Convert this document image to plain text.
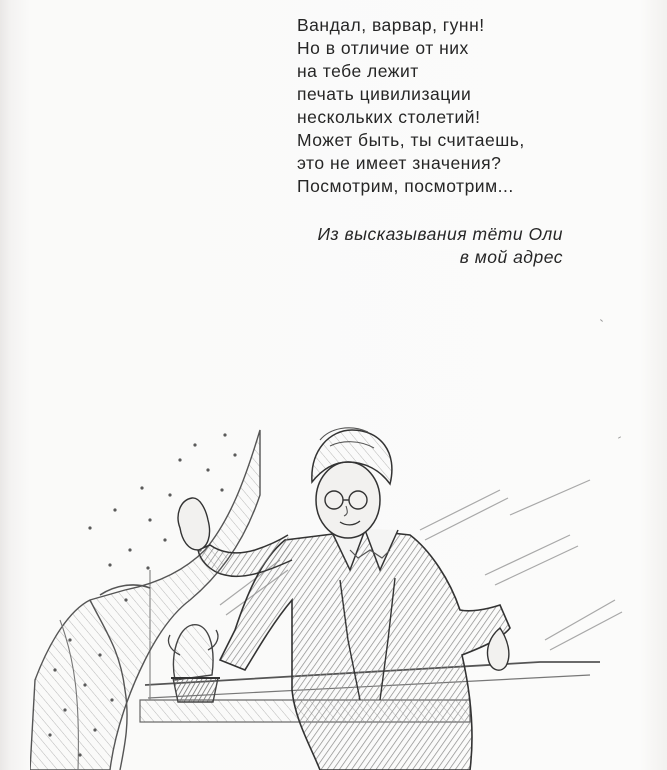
Вандал, варвар, гунн!
Но в отличие от них
на тебе лежит
печать цивилизации
нескольких столетий!
Может быть, ты считаешь,
это не имеет значения?
Посмотрим, посмотрим...
Из высказывания тёти Оли
в мой адрес
